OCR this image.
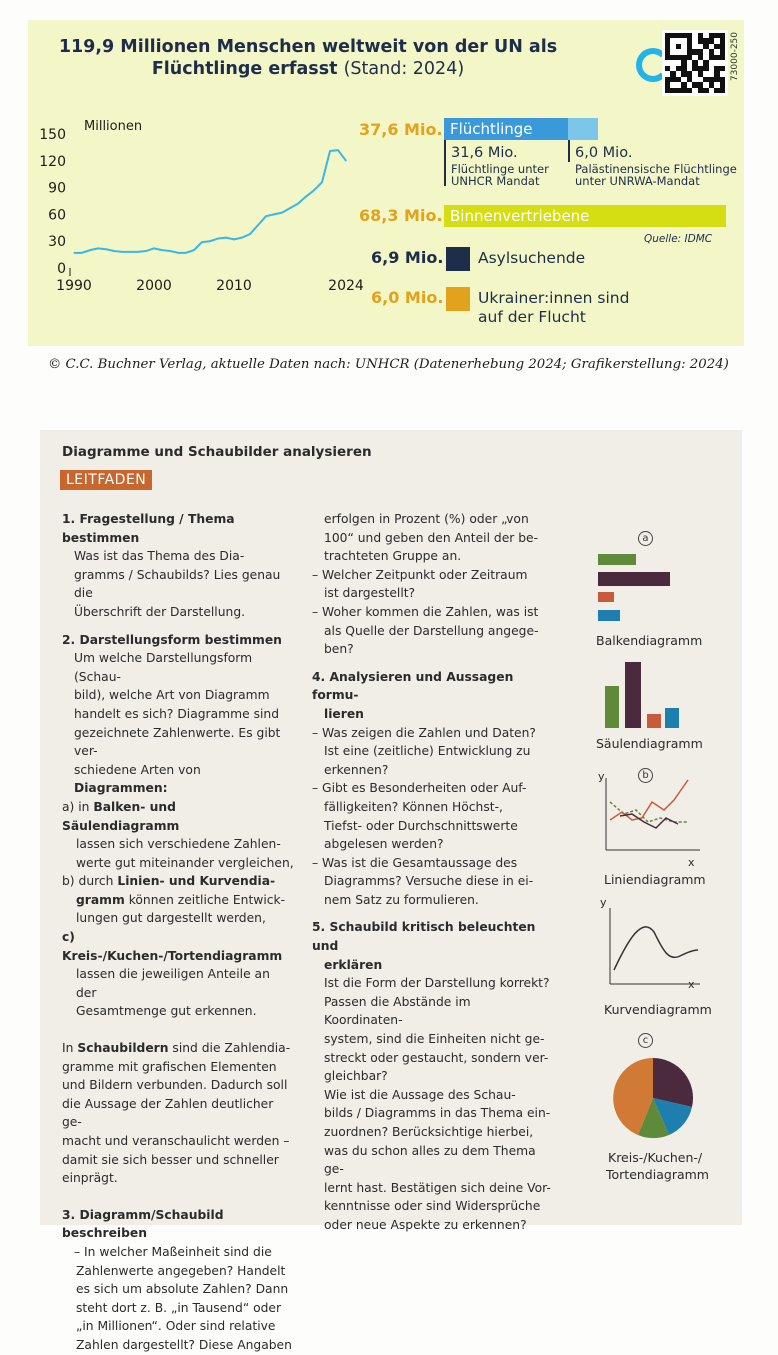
119,9 Millionen Menschen weltweit von der UN als
Flüchtlinge erfasst (Stand: 2024)	73000-250
Millionen
0
30
60
90
120
150
1990	2000	2010	2024
37,6 Mio. Flüchtlinge
31,6 Mio.
Flüchtlinge unter UNHCR Mandat
6,0 Mio.
Palästinensische Flüchtlinge unter UNRWA-Mandat
68,3 Mio. Binnenvertriebene
Quelle: IDMC
6,9 Mio. Asylsuchende
6,0 Mio. Ukrainer:innen sind
auf der Flucht
© C.C. Buchner Verlag, aktuelle Daten nach: UNHCR (Datenerhebung 2024; Grafikerstellung: 2024)
Diagramme und Schaubilder analysieren
LEITFADEN

1. Fragestellung / Thema bestimmen

Was ist das Thema des Dia-

gramms / Schaubilds? Lies genau die

Überschrift der Darstellung.

2. Darstellungsform bestimmen

Um welche Darstellungsform (Schau-

bild), welche Art von Diagramm

handelt es sich? Diagramme sind

gezeichnete Zahlenwerte. Es gibt ver-

schiedene Arten von Diagrammen:

a) in Balken- und Säulendiagramm

lassen sich verschiedene Zahlen-

werte gut miteinander vergleichen,

b) durch Linien- und Kurvendia-

gramm können zeitliche Entwick-

lungen gut dargestellt werden,

c) Kreis-/Kuchen-/Tortendiagramm

lassen die jeweiligen Anteile an der

Gesamtmenge gut erkennen.

In Schaubildern sind die Zahlendia-

gramme mit grafischen Elementen

und Bildern verbunden. Dadurch soll

die Aussage der Zahlen deutlicher ge-

macht und veranschaulicht werden –

damit sie sich besser und schneller

einprägt.

3. Diagramm/Schaubild beschreiben

– In welcher Maßeinheit sind die

Zahlenwerte angegeben? Handelt

es sich um absolute Zahlen? Dann

steht dort z. B. „in Tausend“ oder

„in Millionen“. Oder sind relative

Zahlen dargestellt? Diese Angaben

erfolgen in Prozent (%) oder „von

100“ und geben den Anteil der be-

trachteten Gruppe an.

– Welcher Zeitpunkt oder Zeitraum

ist dargestellt?

– Woher kommen die Zahlen, was ist

als Quelle der Darstellung angege-

ben?

4. Analysieren und Aussagen formu-

lieren

– Was zeigen die Zahlen und Daten?

Ist eine (zeitliche) Entwicklung zu

erkennen?

– Gibt es Besonderheiten oder Auf-

fälligkeiten? Können Höchst-,

Tiefst- oder Durchschnittswerte

abgelesen werden?

– Was ist die Gesamtaussage des

Diagramms? Versuche diese in ei-

nem Satz zu formulieren.

5. Schaubild kritisch beleuchten und

erklären

Ist die Form der Darstellung korrekt?

Passen die Abstände im Koordinaten-

system, sind die Einheiten nicht ge-

streckt oder gestaucht, sondern ver-

gleichbar?

Wie ist die Aussage des Schau-

bilds / Diagramms in das Thema ein-

zuordnen? Berücksichtige hierbei,

was du schon alles zu dem Thema ge-

lernt hast. Bestätigen sich deine Vor-

kenntnisse oder sind Widersprüche

oder neue Aspekte zu erkennen?

a
Balkendiagramm
Säulendiagramm
b
y
x
Liniendiagramm
y
x
Kurvendiagramm
c
Kreis-/Kuchen-/
Tortendiagramm
